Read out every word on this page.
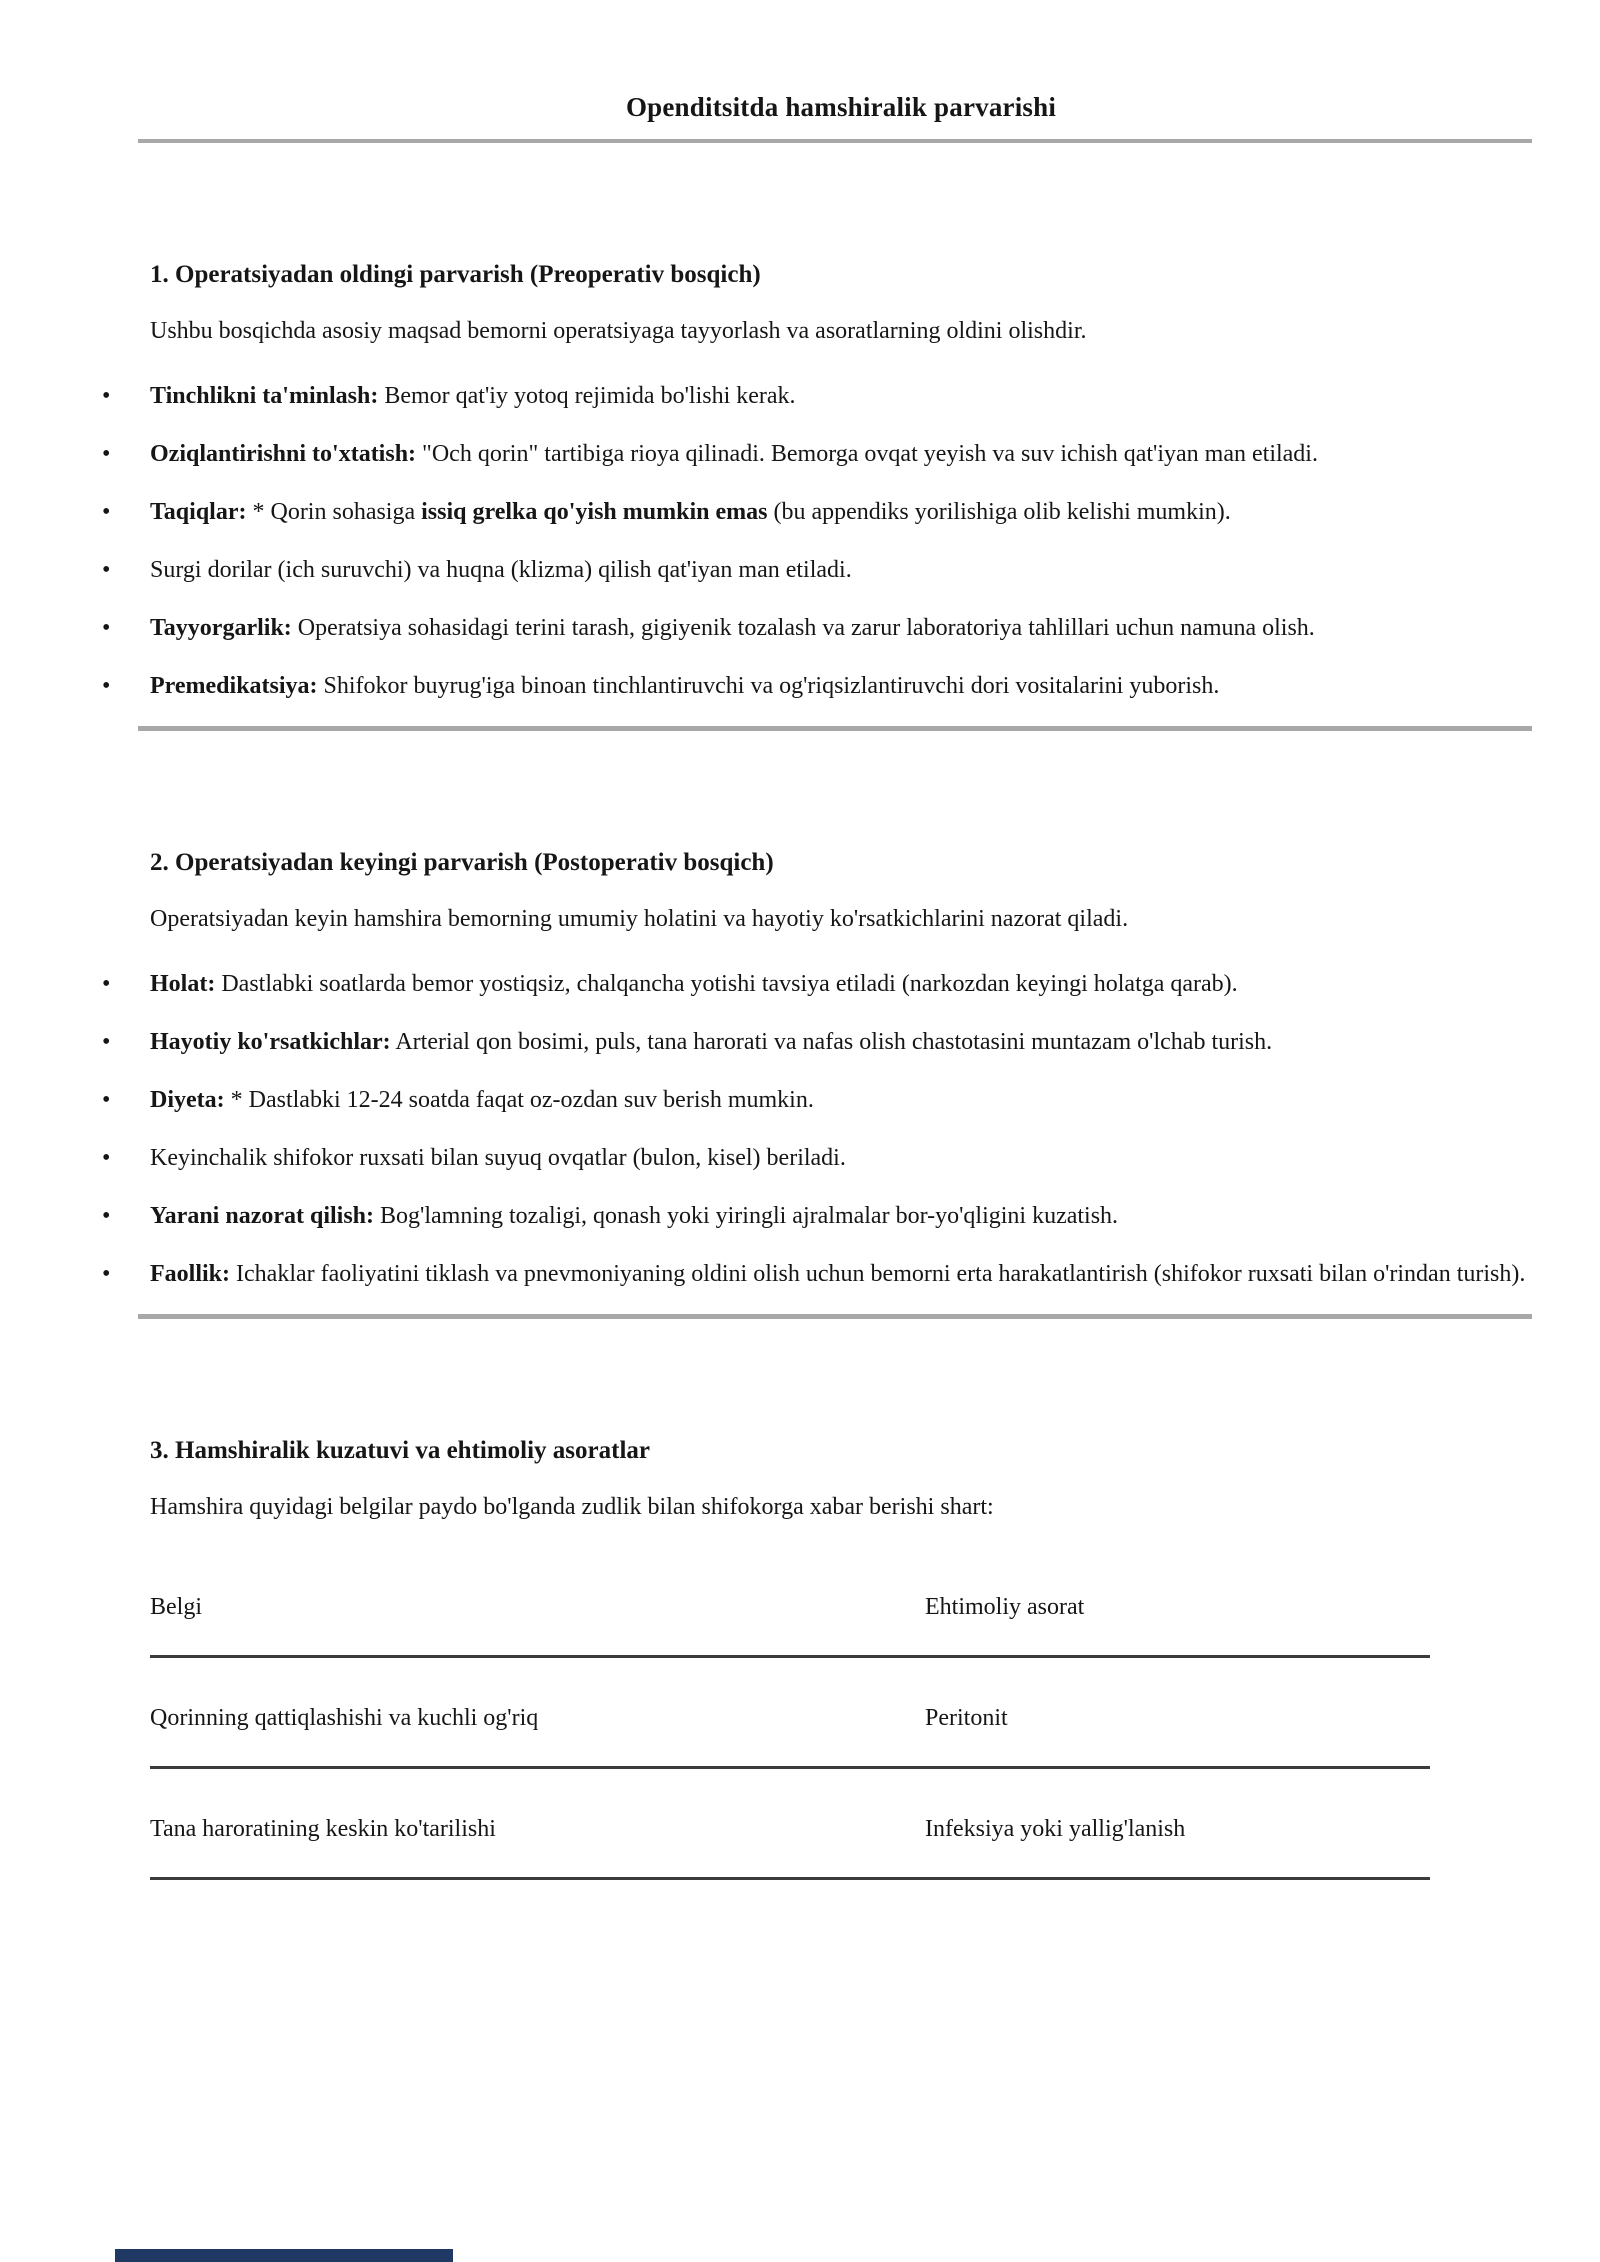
Openditsitda hamshiralik parvarishi
1. Operatsiyadan oldingi parvarish (Preoperativ bosqich)

Ushbu bosqichda asosiy maqsad bemorni operatsiyaga tayyorlash va asoratlarning oldini olishdir.

• Tinchlikni ta'minlash: Bemor qat'iy yotoq rejimida bo'lishi kerak.
• Oziqlantirishni to'xtatish: "Och qorin" tartibiga rioya qilinadi. Bemorga ovqat yeyish va suv ichish qat'iyan man etiladi.
• Taqiqlar: * Qorin sohasiga issiq grelka qo'yish mumkin emas (bu appendiks yorilishiga olib kelishi mumkin).
• Surgi dorilar (ich suruvchi) va huqna (klizma) qilish qat'iyan man etiladi.
• Tayyorgarlik: Operatsiya sohasidagi terini tarash, gigiyenik tozalash va zarur laboratoriya tahlillari uchun namuna olish.
• Premedikatsiya: Shifokor buyrug'iga binoan tinchlantiruvchi va og'riqsizlantiruvchi dori vositalarini yuborish.
2. Operatsiyadan keyingi parvarish (Postoperativ bosqich)

Operatsiyadan keyin hamshira bemorning umumiy holatini va hayotiy ko'rsatkichlarini nazorat qiladi.

• Holat: Dastlabki soatlarda bemor yostiqsiz, chalqancha yotishi tavsiya etiladi (narkozdan keyingi holatga qarab).
• Hayotiy ko'rsatkichlar: Arterial qon bosimi, puls, tana harorati va nafas olish chastotasini muntazam o'lchab turish.
• Diyeta: * Dastlabki 12-24 soatda faqat oz-ozdan suv berish mumkin.
• Keyinchalik shifokor ruxsati bilan suyuq ovqatlar (bulon, kisel) beriladi.
• Yarani nazorat qilish: Bog'lamning tozaligi, qonash yoki yiringli ajralmalar bor-yo'qligini kuzatish.
• Faollik: Ichaklar faoliyatini tiklash va pnevmoniyaning oldini olish uchun bemorni erta harakatlantirish (shifokor ruxsati bilan o'rindan turish).
3. Hamshiralik kuzatuvi va ehtimoliy asoratlar

Hamshira quyidagi belgilar paydo bo'lganda zudlik bilan shifokorga xabar berishi shart:

Belgi	Ehtimoliy asorat
Qorinning qattiqlashishi va kuchli og'riq	Peritonit
Tana haroratining keskin ko'tarilishi	Infeksiya yoki yallig'lanish
